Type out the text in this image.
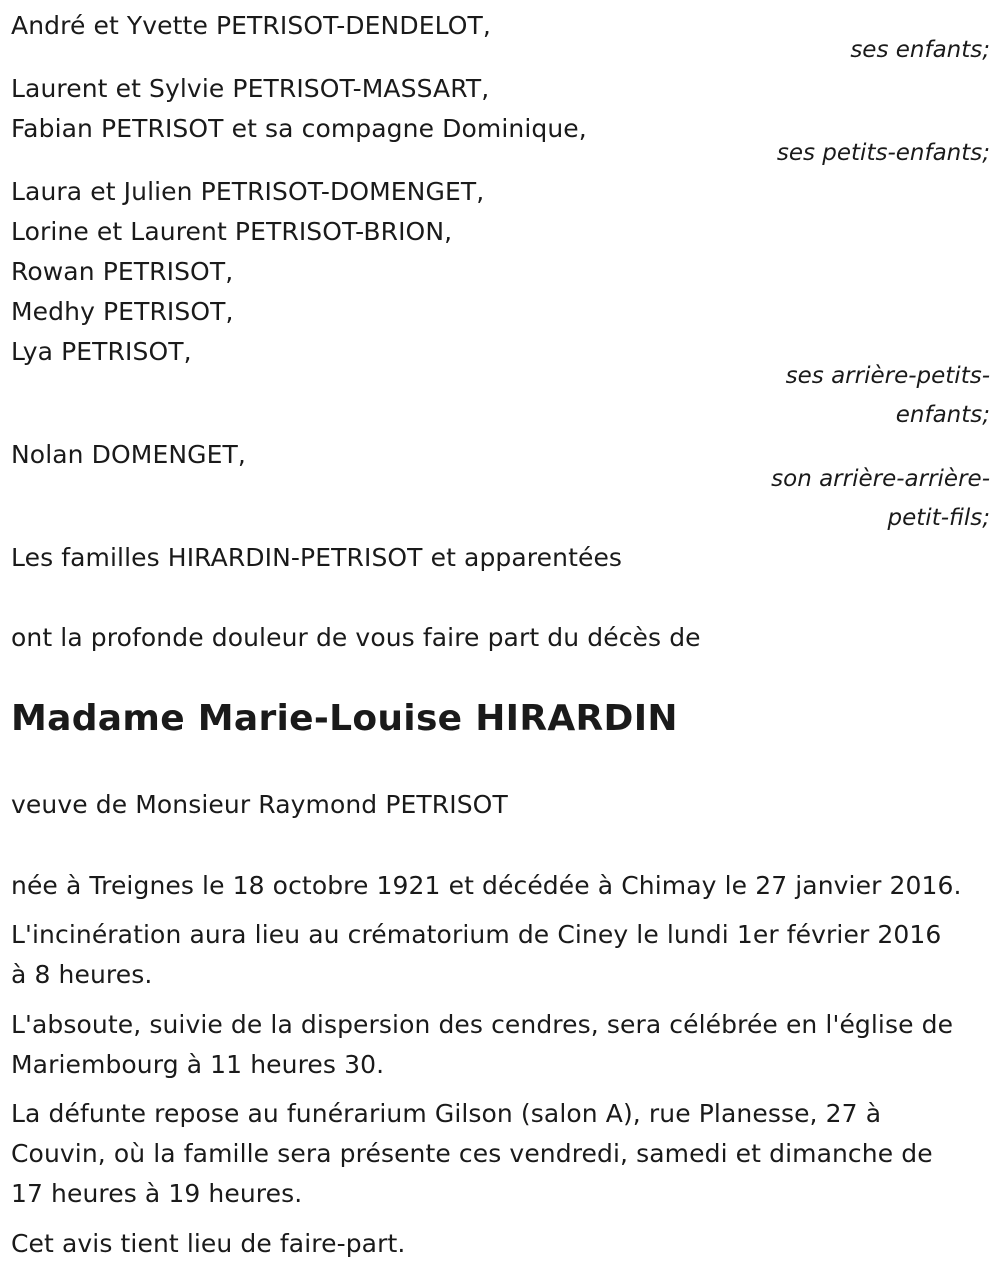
André et Yvette PETRISOT-DENDELOT,
ses enfants;
Laurent et Sylvie PETRISOT-MASSART,
Fabian PETRISOT et sa compagne Dominique,
ses petits-enfants;
Laura et Julien PETRISOT-DOMENGET,
Lorine et Laurent PETRISOT-BRION,
Rowan PETRISOT,
Medhy PETRISOT,
Lya PETRISOT,
ses arrière-petits-
enfants;
Nolan DOMENGET,
son arrière-arrière-
petit-fils;
Les familles HIRARDIN-PETRISOT et apparentées
ont la profonde douleur de vous faire part du décès de
Madame Marie-Louise HIRARDIN
veuve de Monsieur Raymond PETRISOT
née à Treignes le 18 octobre 1921 et décédée à Chimay le 27 janvier 2016.
L'incinération aura lieu au crématorium de Ciney le lundi 1er février 2016
à 8 heures.
L'absoute, suivie de la dispersion des cendres, sera célébrée en l'église de
Mariembourg à 11 heures 30.
La défunte repose au funérarium Gilson (salon A), rue Planesse, 27 à
Couvin, où la famille sera présente ces vendredi, samedi et dimanche de
17 heures à 19 heures.
Cet avis tient lieu de faire-part.
